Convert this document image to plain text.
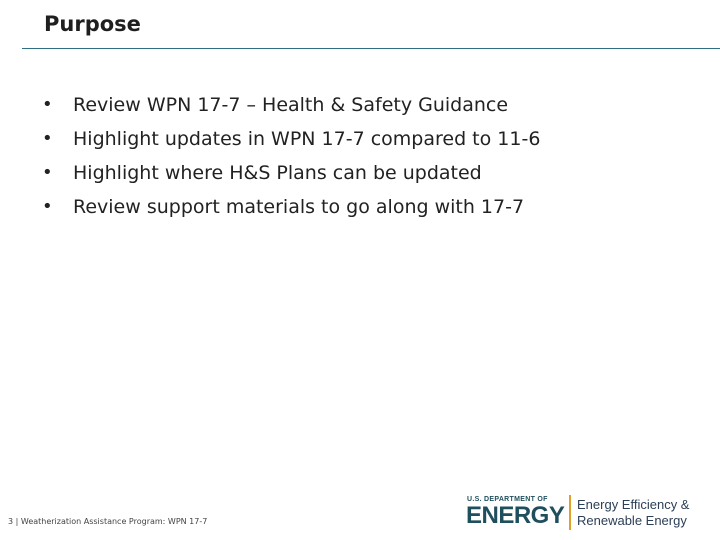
Purpose
• Review WPN 17-7 – Health & Safety Guidance
• Highlight updates in WPN 17-7 compared to 11-6
• Highlight where H&S Plans can be updated
• Review support materials to go along with 17-7
3 | Weatherization Assistance Program: WPN 17-7
U.S. DEPARTMENT OF
ENERGY Energy Efficiency &
Renewable Energy
